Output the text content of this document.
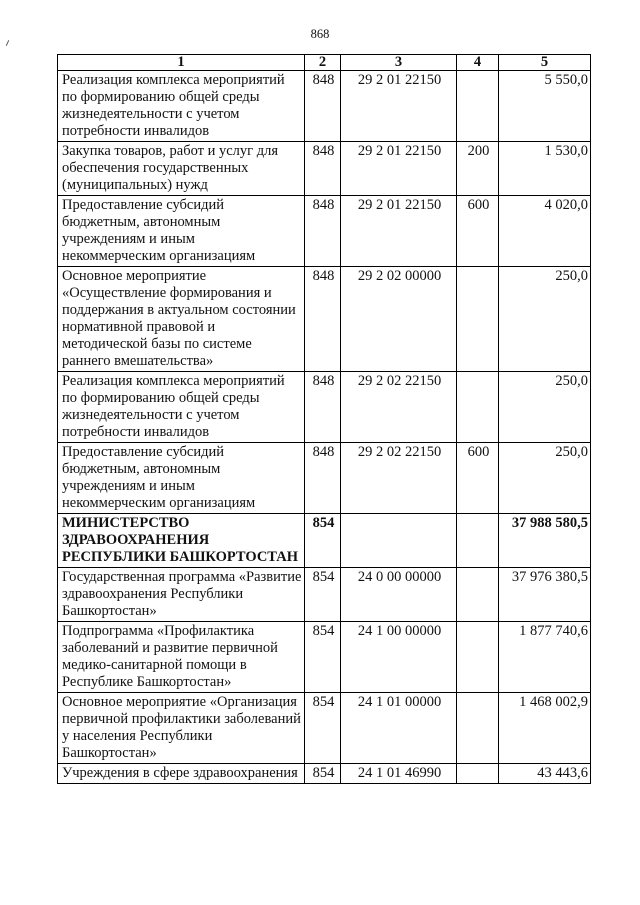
868
1	2	3	4	5
Реализация комплекса мероприятий по формированию общей среды жизнедеятельности с учетом потребности инвалидов	848	29 2 01 22150		5 550,0
Закупка товаров, работ и услуг для обеспечения государственных (муниципальных) нужд	848	29 2 01 22150	200	1 530,0
Предоставление субсидий бюджетным, автономным учреждениям и иным некоммерческим организациям	848	29 2 01 22150	600	4 020,0
Основное мероприятие «Осуществление формирования и поддержания в актуальном состоянии нормативной правовой и методической базы по системе раннего вмешательства»	848	29 2 02 00000		250,0
Реализация комплекса мероприятий по формированию общей среды жизнедеятельности с учетом потребности инвалидов	848	29 2 02 22150		250,0
Предоставление субсидий бюджетным, автономным учреждениям и иным некоммерческим организациям	848	29 2 02 22150	600	250,0
МИНИСТЕРСТВО ЗДРАВООХРАНЕНИЯ РЕСПУБЛИКИ БАШКОРТОСТАН	854			37 988 580,5
Государственная программа «Развитие здравоохранения Республики Башкортостан»	854	24 0 00 00000		37 976 380,5
Подпрограмма «Профилактика заболеваний и развитие первичной медико-санитарной помощи в Республике Башкортостан»	854	24 1 00 00000		1 877 740,6
Основное мероприятие «Организация первичной профилактики заболеваний у населения Республики Башкортостан»	854	24 1 01 00000		1 468 002,9
Учреждения в сфере здравоохранения	854	24 1 01 46990		43 443,6
